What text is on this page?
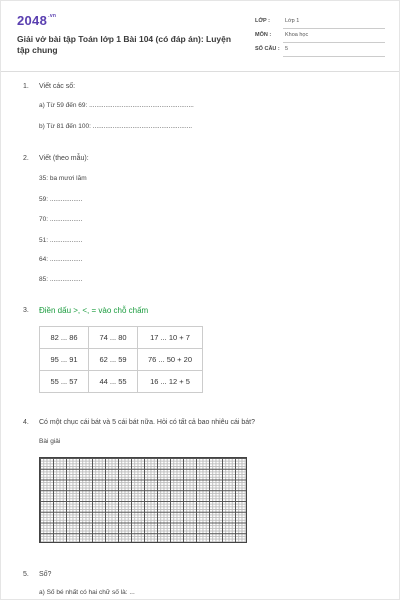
$2048^{.vn}$
Giải vở bài tập Toán lớp 1 Bài 104 (có đáp án): Luyện tập chung
LỚP :	Lớp 1
MÔN :	Khoa học
SỐ CÂU : 5
1. Viết các số:
a) Từ 59 đến 69: ..........................................................
b) Từ 81 đến 100: .......................................................
2. Viết (theo mẫu):
35: ba mươi lăm
59: ..................
70: ..................
51: ..................
64: ..................
85: ..................
3. Điền dấu >, <, = vào chỗ chấm
82 ... 86	74 ... 80	17 ... 10 + 7
95 ... 91	62 ... 59	76 ... 50 + 20
55 ... 57	44 ... 55	16 ... 12 + 5
4. Có một chục cái bát và 5 cái bát nữa. Hỏi có tất cả bao nhiêu cái bát?
Bài giải
5. Số?
a) Số bé nhất có hai chữ số là: ...
